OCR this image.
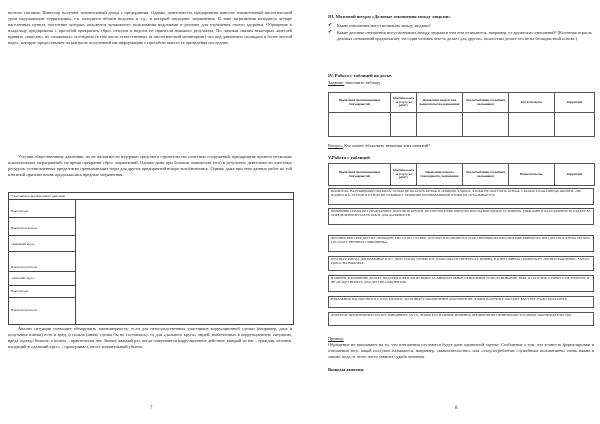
весного писания. Инвестор получает значительный доход с предприятия. Однако, деятельность предприятия наносит значительный экологический урон окружающим территориям, т.к. находится вблизи водоема и т.д., в который попадают загрязнения. В зоне загрязнения находятся четыре населенных пункта, население которых опасаются возможного пользования водоемами в регионе для улучшения своего здоровья. Обращение к владельцу предприятия с просьбой прекратить сброс отходов в водоем не принесли никакого результата. По личным связям некоторых жителей принято «вписать» их «знакомых» последних (в том числе ответственных за экологический мониторинг) что под давлением «попадать в более чистой воде», которую предоставляет на контроле полученной им информацию с просьбою вместо ее проведения последних.

Уступив общественному давлению, но не желая нести издержки средства в строительство очистных сооружений, предприятие провело несколько показательных мероприятий, на время прекратив сброс загрязнений. Однако даже при близком знакомстве (его) в результате деятельности очистных ресурсов, установленных пределов не превышающих норм для других предприятий вскоре возобновились. Однако даже при этих данных работ по той или иной причине вновь продолжились вредные загрязнения.

Участники коррупционного действия
Взятодатель
Взяткополучатель
«Ближний круг»
Взяткополучатель
«Дальний круг»
Взятодатель
Взяткополучатель

Анализ ситуации позволяет обнаружить закономерность: если для непосредственных участников коррупционной сделки (например, дача и получение взятки) есть и вред, и польза (иначе сделка бы не состоялась), то для «дальнего круга» людей, вовлеченных в коррупционную ситуацию, вреда гораздо больше, а польза – практически нет. Значит, каждый раз, когда совершается коррупционное действие, каждый из нас – граждан, человек, входящий в «дальний круг» – проигрывает, несет значительный убыток.

7
III. Мозговой штурм «Деловые отношения между людьми»
✔ Какие отношения могут возникать между людьми?
✔ Какие деловые отношения могут возникать между людьми и чем они отличаются, например, от дружеских отношений? (Колонная отрасль деловых отношений предполагает, что один человек чем-то делает для другого, полностью делает это не на бескорыстной основе.)
IV. Работа с таблицей на доске.
Задание: заполните таблицу
Проявление противозаконных благодарностей	Обычная плата за услугу, за работу	Проявление подкуп, или вымогательства подношения	Злоупотребление служебным положением	Кто отличается	Коррупция

Вопрос: Кто может объяснить значения этих понятий?
V.Работа с таблицей
Проявление противозаконных благодарностей	Обычная плата за услугу, за работу	Проявление подкупа благодарность, подношения	Злоупотребление служебным положением	Вымогательство	Коррупция
ВОДИТЕЛЬ, НАРУШИВШИЙ ПРАВИЛА, ЧТОБЫ НЕ ПЛАТИТЬ ШТРАФ И ЛИШНИХ ХЛОПОТ. ЧТОБЫ НЕ ПОЛУЧИТЬ ШТРАФ. СТАРАЯСЬ КАК-НИБУДЬ ОБОЙТИ, «НЕ ПОДНОСИТ» ГРУЗОВ И ОТ НИХ НЕ ОТБИВАЕТ. ГАИШНИК ПРИНИМАЮЩИЙ ЧТОБЫ НЕ ОТКАЗЫВАЕТСЯ.
ЧИНОВНИК ПОМОГАЕТ ГРАЖДАНИНУ ПОЛУЧИТЬ КРЕДИТ ПО ИПОТЕКЕ ВНЕ ОЧЕРЕДИ ИЛИ НА ВЫГОДНЫХ УСЛОВИЯХ. ГРАЖДАНЕ В БЛАГОДАРНОСТЬ ОТДАЕТ ЗА ОПРЕДЕЛЕННУЮ ЧАСТЬ РАБОТ ДЛЯ ДОЛЖНОСТИ.
ЧЕЛОВЕК БЫСТРЕЕ ДРУГИХ ПРОХОДИТ МЕСТО ПО СЛУЖБЕ, ПОТОМУ ЧТО ЯВЛЯЕТСЯ РОДСТВЕННИКОМ ИЛИ ПРОТЕЖЕ МИНИСТРА ИЛИ ДРУГОГО ЧЛЕНА ОРГАНА ГОСУДАРСТВЕННОГО ЧИНОВНИКА.
КРУПНАЯ ФИРМА ДОГОВАРИВАЕТСЯ С ДЕПУТАТОМ, ЧТОБЫ ТОТ ГОЛОСОВАЛ В ИНТЕРЕСАХ ФИРМЫ. В ОТВЕТ ФИРМА ПООБЕЩАЕТ «ВОЗНАГРАЖДЕНИЕ» ЗА ЕГО ГОЛОС НА ВЫБОРАХ.
ПАЦИЕНТ В БОЛЬНИЦЕ ДЕЛАЕТ ПОДАРКИ ИЛИ ПЛАТИТ ВРАЧУ ЗА ВНИМАТЕЛЬНОЕ ОТНОШЕНИЕ И ОБСЛУЖИВАНИЕ. ВРАЧ, ОТ КОТОРОГО НИЧЕГО НЕ ТРЕБУЮТ, И НЕ ДЕЛАЕТ НИЧЕГО ДЛЯ ДРУГИХ ПАЦИЕНТОВ.
НАЧАЛЬНИК ПАСПОРТНОГО СТОЛА МЕДЛИТ, ЗАТЯГИВАЕТ ОФОРМЛЕНИЕ ДОКУМЕНТОВ. ЧТОБЫ ПОЛУЧИТЬ ПАСПОРТ БЫСТРЕЕ, НАДО ЗАПЛАТИТЬ.
ДИРЕКТОР ПРЕДПРИЯТИЯ ПЛАТИТ ЧИНОВНИКУ ЗА ТО, ЧТОБЫ ЕГО НУЖНЫЕ РЕШЕНИЯ ПРЕДПРИЯТИЯ ПРИНИМАЛИСЬ В ОБХОД ЗАКОНОДАТЕЛЬСТВА.
Пример:

Обращение не вписывают на то, что отношения случаются будут дань одиночной оценке. Сообщение о том, что точность формулировки и отношения того, какой поступок называется, например, «вымогательство» или «злоупотребление служебным положением» очень важна в законе, ведь от этого часто зависит судьба человека.

Выводы занятия.
8
